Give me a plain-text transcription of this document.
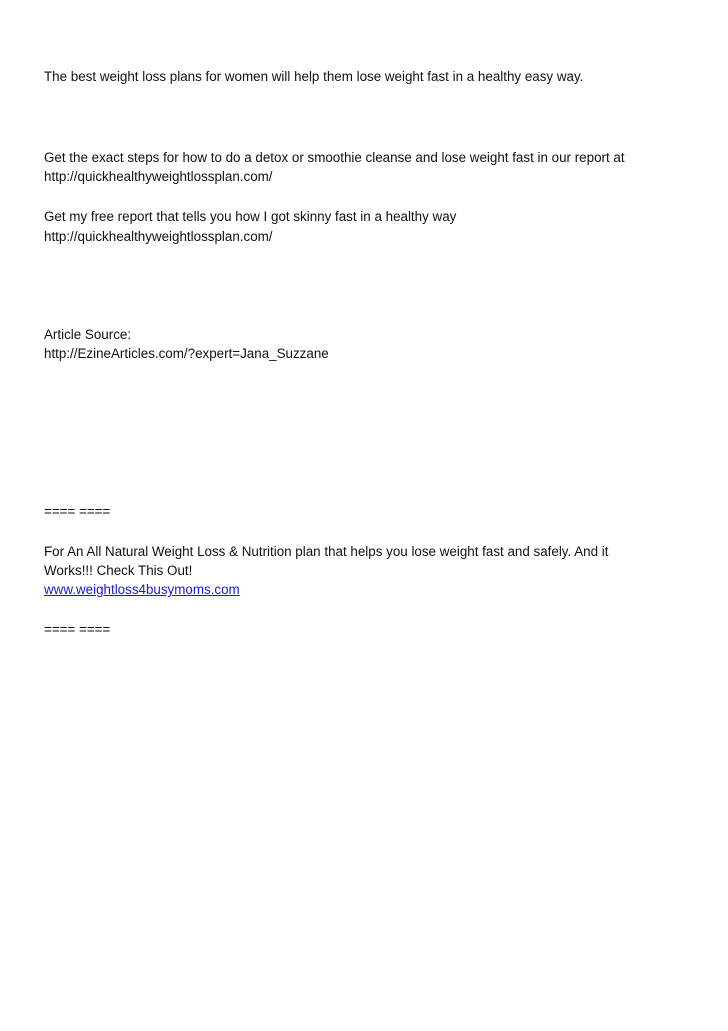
The best weight loss plans for women will help them lose weight fast in a healthy easy way.
Get the exact steps for how to do a detox or smoothie cleanse and lose weight fast in our report at
http://quickhealthyweightlossplan.com/
Get my free report that tells you how I got skinny fast in a healthy way
http://quickhealthyweightlossplan.com/
Article Source:
http://EzineArticles.com/?expert=Jana_Suzzane
==== ====
For An All Natural Weight Loss & Nutrition plan that helps you lose weight fast and safely. And it
Works!!! Check This Out!
www.weightloss4busymoms.com
==== ====
